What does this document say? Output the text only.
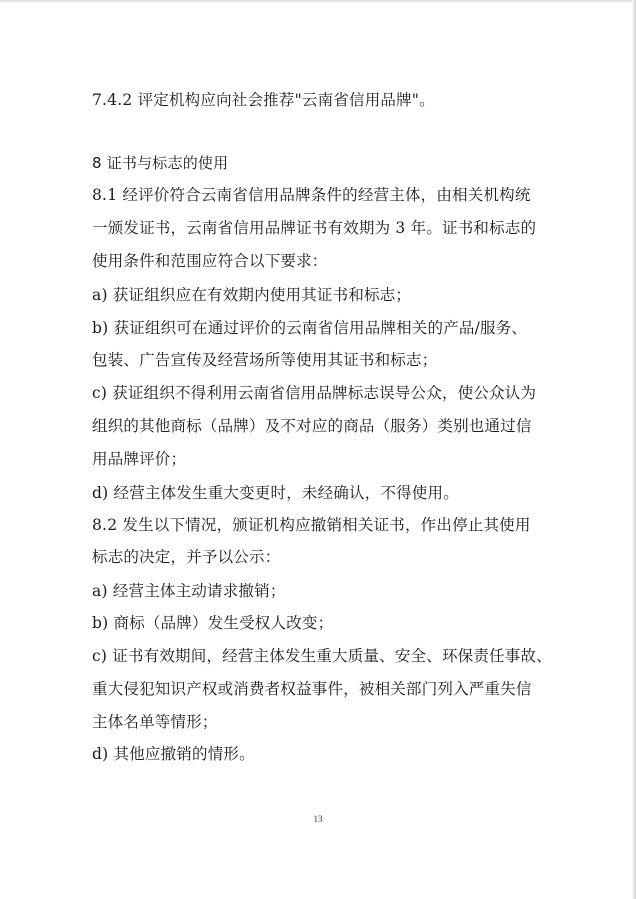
7.4.2 评定机构应向社会推荐"云南省信用品牌"。
8 证书与标志的使用
8.1 经评价符合云南省信用品牌条件的经营主体，由相关机构统
一颁发证书，云南省信用品牌证书有效期为 3 年。证书和标志的
使用条件和范围应符合以下要求：
a) 获证组织应在有效期内使用其证书和标志；
b) 获证组织可在通过评价的云南省信用品牌相关的产品/服务、
包装、广告宣传及经营场所等使用其证书和标志；
c) 获证组织不得利用云南省信用品牌标志误导公众，使公众认为
组织的其他商标（品牌）及不对应的商品（服务）类别也通过信
用品牌评价；
d) 经营主体发生重大变更时，未经确认，不得使用。
8.2 发生以下情况，颁证机构应撤销相关证书，作出停止其使用
标志的决定，并予以公示：
a) 经营主体主动请求撤销；
b) 商标（品牌）发生受权人改变；
c) 证书有效期间，经营主体发生重大质量、安全、环保责任事故、
重大侵犯知识产权或消费者权益事件，被相关部门列入严重失信
主体名单等情形；
d) 其他应撤销的情形。
13
